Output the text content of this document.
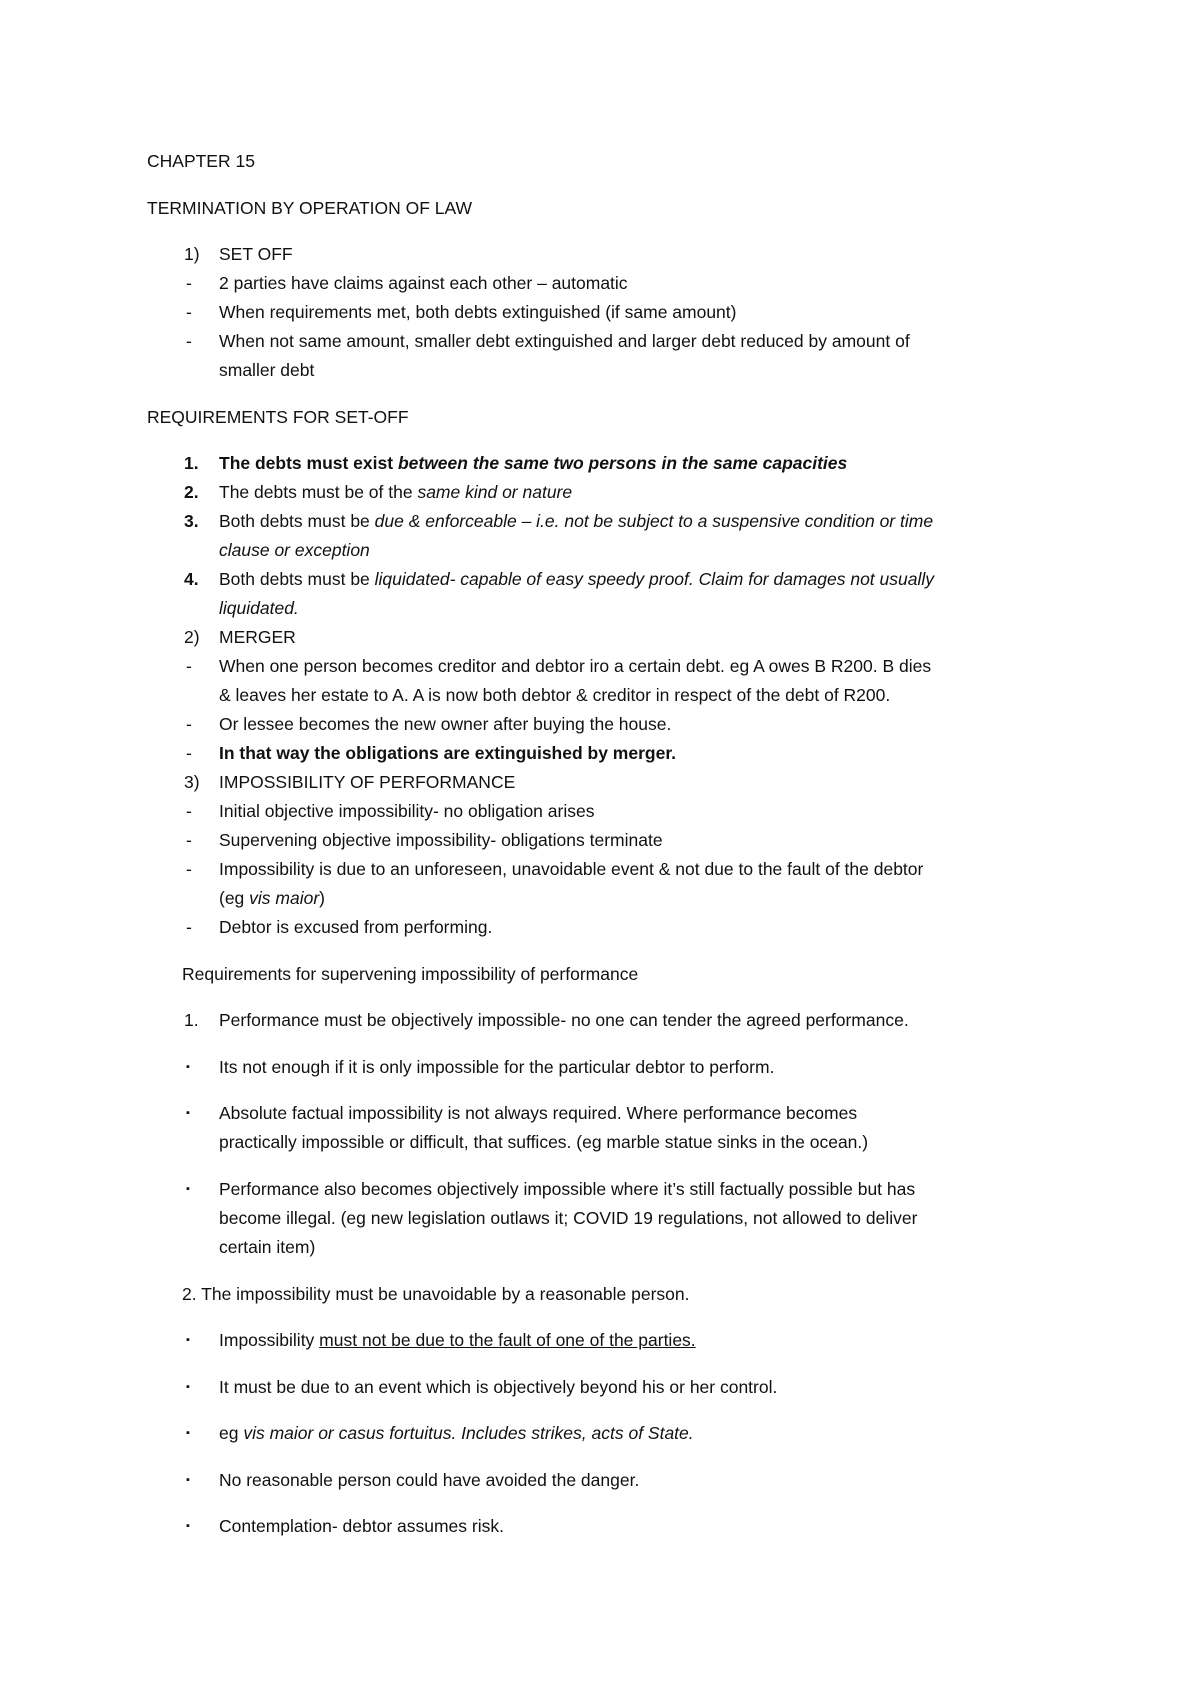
CHAPTER 15
TERMINATION BY OPERATION OF LAW
1) SET OFF
- 2 parties have claims against each other – automatic
- When requirements met, both debts extinguished (if same amount)
- When not same amount, smaller debt extinguished and larger debt reduced by amount of
smaller debt
REQUIREMENTS FOR SET-OFF
1. The debts must exist between the same two persons in the same capacities
2. The debts must be of the same kind or nature
3. Both debts must be due & enforceable – i.e. not be subject to a suspensive condition or time
clause or exception
4. Both debts must be liquidated- capable of easy speedy proof. Claim for damages not usually
liquidated.
2) MERGER
- When one person becomes creditor and debtor iro a certain debt. eg A owes B R200. B dies
& leaves her estate to A. A is now both debtor & creditor in respect of the debt of R200.
- Or lessee becomes the new owner after buying the house.
- In that way the obligations are extinguished by merger.
3) IMPOSSIBILITY OF PERFORMANCE
- Initial objective impossibility- no obligation arises
- Supervening objective impossibility- obligations terminate
- Impossibility is due to an unforeseen, unavoidable event & not due to the fault of the debtor
(eg vis maior)
- Debtor is excused from performing.
Requirements for supervening impossibility of performance
1. Performance must be objectively impossible- no one can tender the agreed performance.
▪ Its not enough if it is only impossible for the particular debtor to perform.
▪ Absolute factual impossibility is not always required. Where performance becomes
practically impossible or difficult, that suffices. (eg marble statue sinks in the ocean.)
▪ Performance also becomes objectively impossible where it’s still factually possible but has
become illegal. (eg new legislation outlaws it; COVID 19 regulations, not allowed to deliver
certain item)
2. The impossibility must be unavoidable by a reasonable person.
▪ Impossibility must not be due to the fault of one of the parties.
▪ It must be due to an event which is objectively beyond his or her control.
▪ eg vis maior or casus fortuitus. Includes strikes, acts of State.
▪ No reasonable person could have avoided the danger.
▪ Contemplation- debtor assumes risk.
